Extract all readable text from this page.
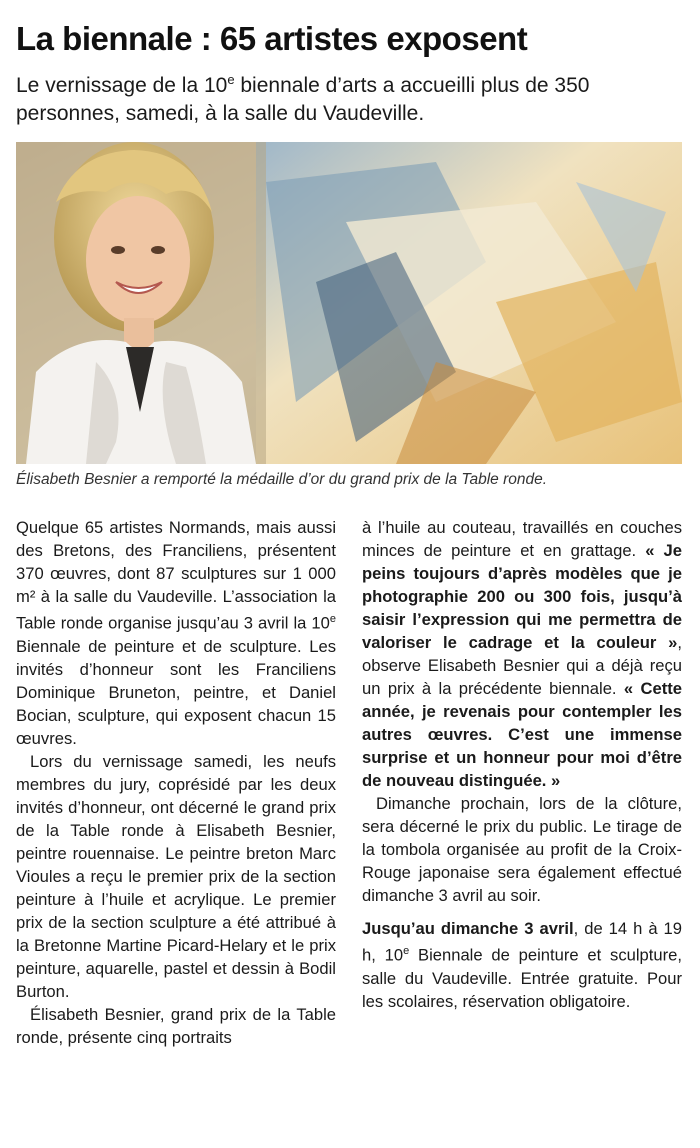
La biennale : 65 artistes exposent
Le vernissage de la 10e biennale d’arts a accueilli plus de 350 personnes, samedi, à la salle du Vaudeville.
Élisabeth Besnier a remporté la médaille d’or du grand prix de la Table ronde.

Quelque 65 artistes Normands, mais aussi des Bretons, des Franciliens, présentent 370 œuvres, dont 87 sculptures sur 1 000 m² à la salle du Vaudeville. L’association la Table ronde organise jusqu’au 3 avril la 10e Biennale de peinture et de sculpture. Les invités d’honneur sont les Franciliens Dominique Bruneton, peintre, et Daniel Bocian, sculpture, qui exposent chacun 15 œuvres.

Lors du vernissage samedi, les neufs membres du jury, coprésidé par les deux invités d’honneur, ont décerné le grand prix de la Table ronde à Elisabeth Besnier, peintre rouennaise. Le peintre breton Marc Vioules a reçu le premier prix de la section peinture à l’huile et acrylique. Le premier prix de la section sculpture a été attribué à la Bretonne Martine Picard-Helary et le prix peinture, aquarelle, pastel et dessin à Bodil Burton.

Élisabeth Besnier, grand prix de la Table ronde, présente cinq portraits

à l’huile au couteau, travaillés en couches minces de peinture et en grattage. « Je peins toujours d’après modèles que je photographie 200 ou 300 fois, jusqu’à saisir l’expression qui me permettra de valoriser le cadrage et la couleur », observe Elisabeth Besnier qui a déjà reçu un prix à la précédente biennale. « Cette année, je revenais pour contempler les autres œuvres. C’est une immense surprise et un honneur pour moi d’être de nouveau distinguée. »

Dimanche prochain, lors de la clôture, sera décerné le prix du public. Le tirage de la tombola organisée au profit de la Croix-Rouge japonaise sera également effectué dimanche 3 avril au soir.

Jusqu’au dimanche 3 avril, de 14 h à 19 h, 10e Biennale de peinture et sculpture, salle du Vaudeville. Entrée gratuite. Pour les scolaires, réservation obligatoire.
